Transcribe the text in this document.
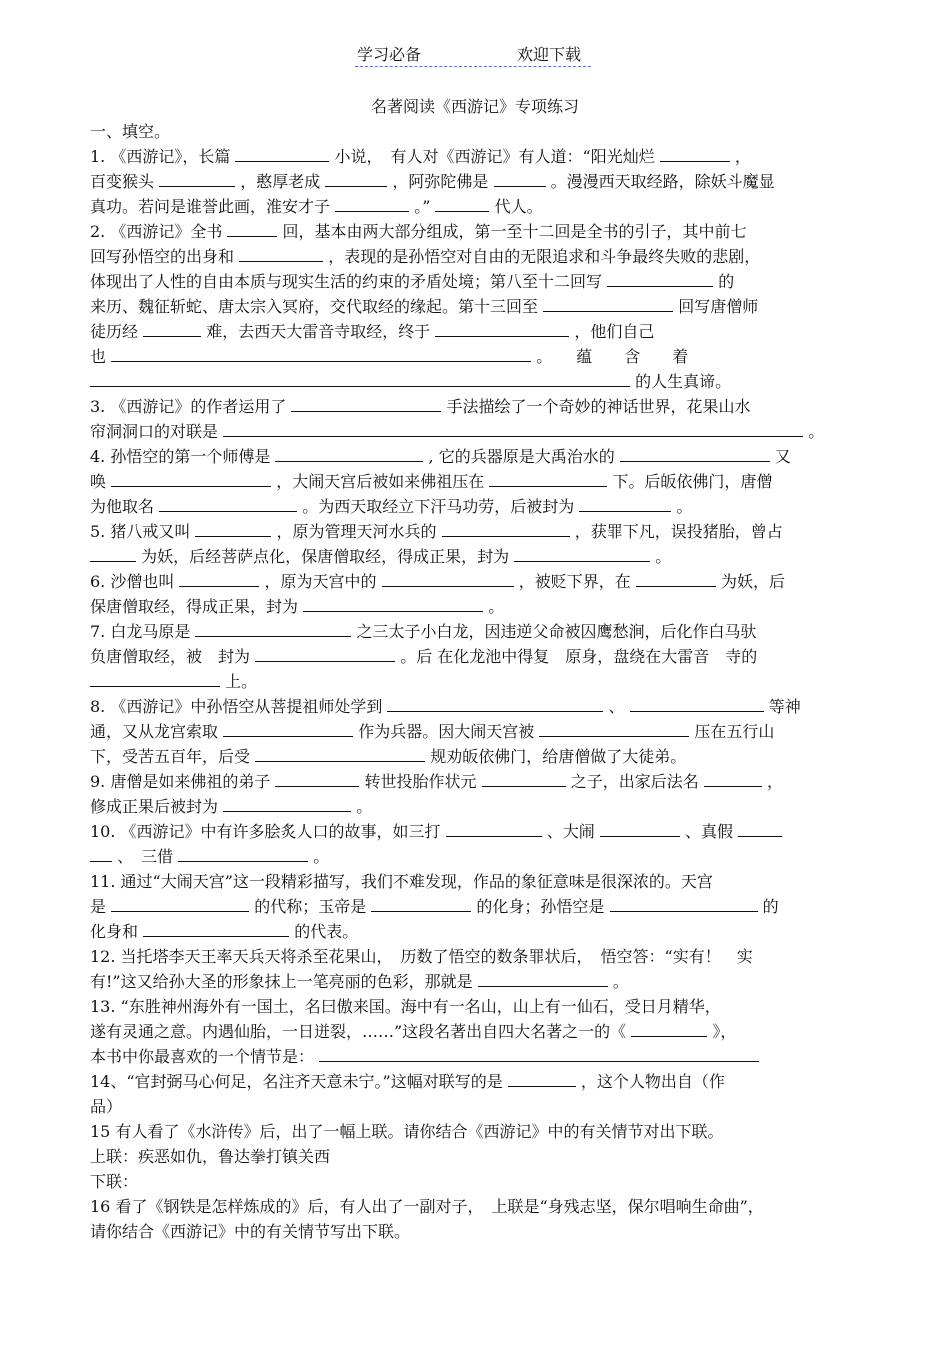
学习必备	欢迎下载
名著阅读《西游记》专项练习

一、填空。

1. 《西游记》，长篇	小说，　有人对《西游记》有人道：“阳光灿烂	，
百变猴头	，憨厚老成	，阿弥陀佛是	。漫漫西天取经路，除妖斗魔显
真功。若问是谁誉此画，淮安才子	。”	代人。

2. 《西游记》全书	回，基本由两大部分组成，第一至十二回是全书的引子，其中前七
回写孙悟空的出身和	，表现的是孙悟空对自由的无限追求和斗争最终失败的悲剧，
体现出了人性的自由本质与现实生活的约束的矛盾处境；第八至十二回写	的
来历、魏征斩蛇、唐太宗入冥府，交代取经的缘起。第十三回至	回写唐僧师
徒历经	难，去西天大雷音寺取经，终于	，他们自己
也	。　　蕴　　含　　着
的人生真谛。

3. 《西游记》的作者运用了	手法描绘了一个奇妙的神话世界，花果山水
帘洞洞口的对联是	。

4. 孙悟空的第一个师傅是	, 它的兵器原是大禹治水的	又
唤	，大闹天宫后被如来佛祖压在	下。后皈依佛门，唐僧
为他取名	。为西天取经立下汗马功劳，后被封为	。

5. 猪八戒又叫	，原为管理天河水兵的	，获罪下凡，误投猪胎，曾占
为妖，后经菩萨点化，保唐僧取经，得成正果，封为	。

6. 沙僧也叫	，原为天宫中的	，被贬下界，在	为妖，后
保唐僧取经，得成正果，封为	。

7. 白龙马原是	之三太子小白龙，因违逆父命被囚鹰愁涧，后化作白马驮
负唐僧取经，被　封为	。后 在化龙池中得复　原身，盘绕在大雷音　寺的
上。

8. 《西游记》中孙悟空从菩提祖师处学到	、	等神
通，又从龙宫索取	作为兵器。因大闹天宫被	压在五行山
下，受苦五百年，后受	规劝皈依佛门，给唐僧做了大徒弟。

9. 唐僧是如来佛祖的弟子	转世投胎作状元	之子，出家后法名	，
修成正果后被封为	。

10. 《西游记》中有许多脍炙人口的故事，如三打	、大闹	、真假
、　三借	。

11. 通过“大闹天宫”这一段精彩描写，我们不难发现，作品的象征意味是很深浓的。天宫
是	的代称；玉帝是	的化身；孙悟空是	的
化身和	的代表。

12. 当托塔李天王率天兵天将杀至花果山，　历数了悟空的数条罪状后，　悟空答：“实有！　实
有!”这又给孙大圣的形象抹上一笔亮丽的色彩，那就是	。

13. “东胜神州海外有一国土，名曰傲来国。海中有一名山，山上有一仙石，受日月精华，
遂有灵通之意。内遇仙胎，一日迸裂，……”这段名著出自四大名著之一的《	》，
本书中你最喜欢的一个情节是：

14、“官封弼马心何足，名注齐天意未宁。”这幅对联写的是	，这个人物出自（作
品）

15 有人看了《水浒传》后，出了一幅上联。请你结合《西游记》中的有关情节对出下联。
上联：疾恶如仇，鲁达拳打镇关西
下联：

16 看了《钢铁是怎样炼成的》后，有人出了一副对子，　上联是“身残志坚，保尔唱响生命曲”，
请你结合《西游记》中的有关情节写出下联。
